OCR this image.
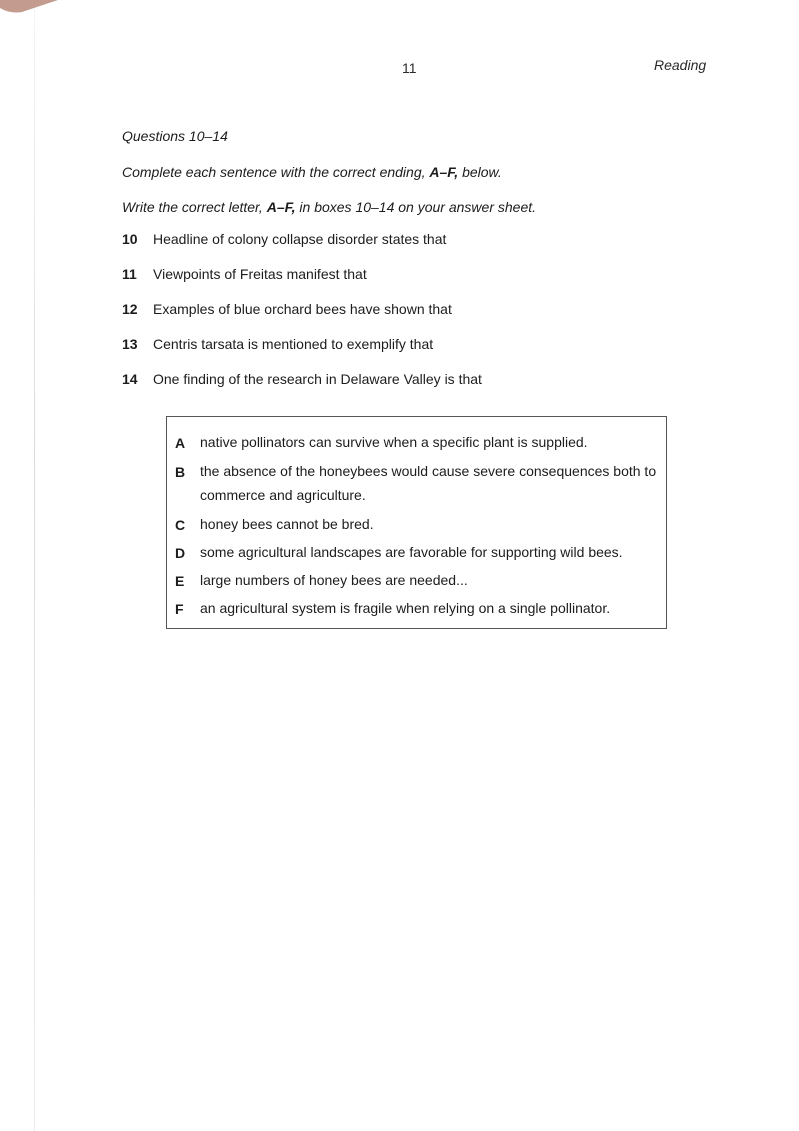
11	Reading
Questions 10–14
Complete each sentence with the correct ending, A–F, below.
Write the correct letter, A–F, in boxes 10–14 on your answer sheet.
10	Headline of colony collapse disorder states that
11	Viewpoints of Freitas manifest that
12	Examples of blue orchard bees have shown that
13	Centris tarsata is mentioned to exemplify that
14	One finding of the research in Delaware Valley is that
A	native pollinators can survive when a specific plant is supplied.
B	the absence of the honeybees would cause severe consequences both to commerce and agriculture.
C	honey bees cannot be bred.
D	some agricultural landscapes are favorable for supporting wild bees.
E	large numbers of honey bees are needed...
F	an agricultural system is fragile when relying on a single pollinator.
